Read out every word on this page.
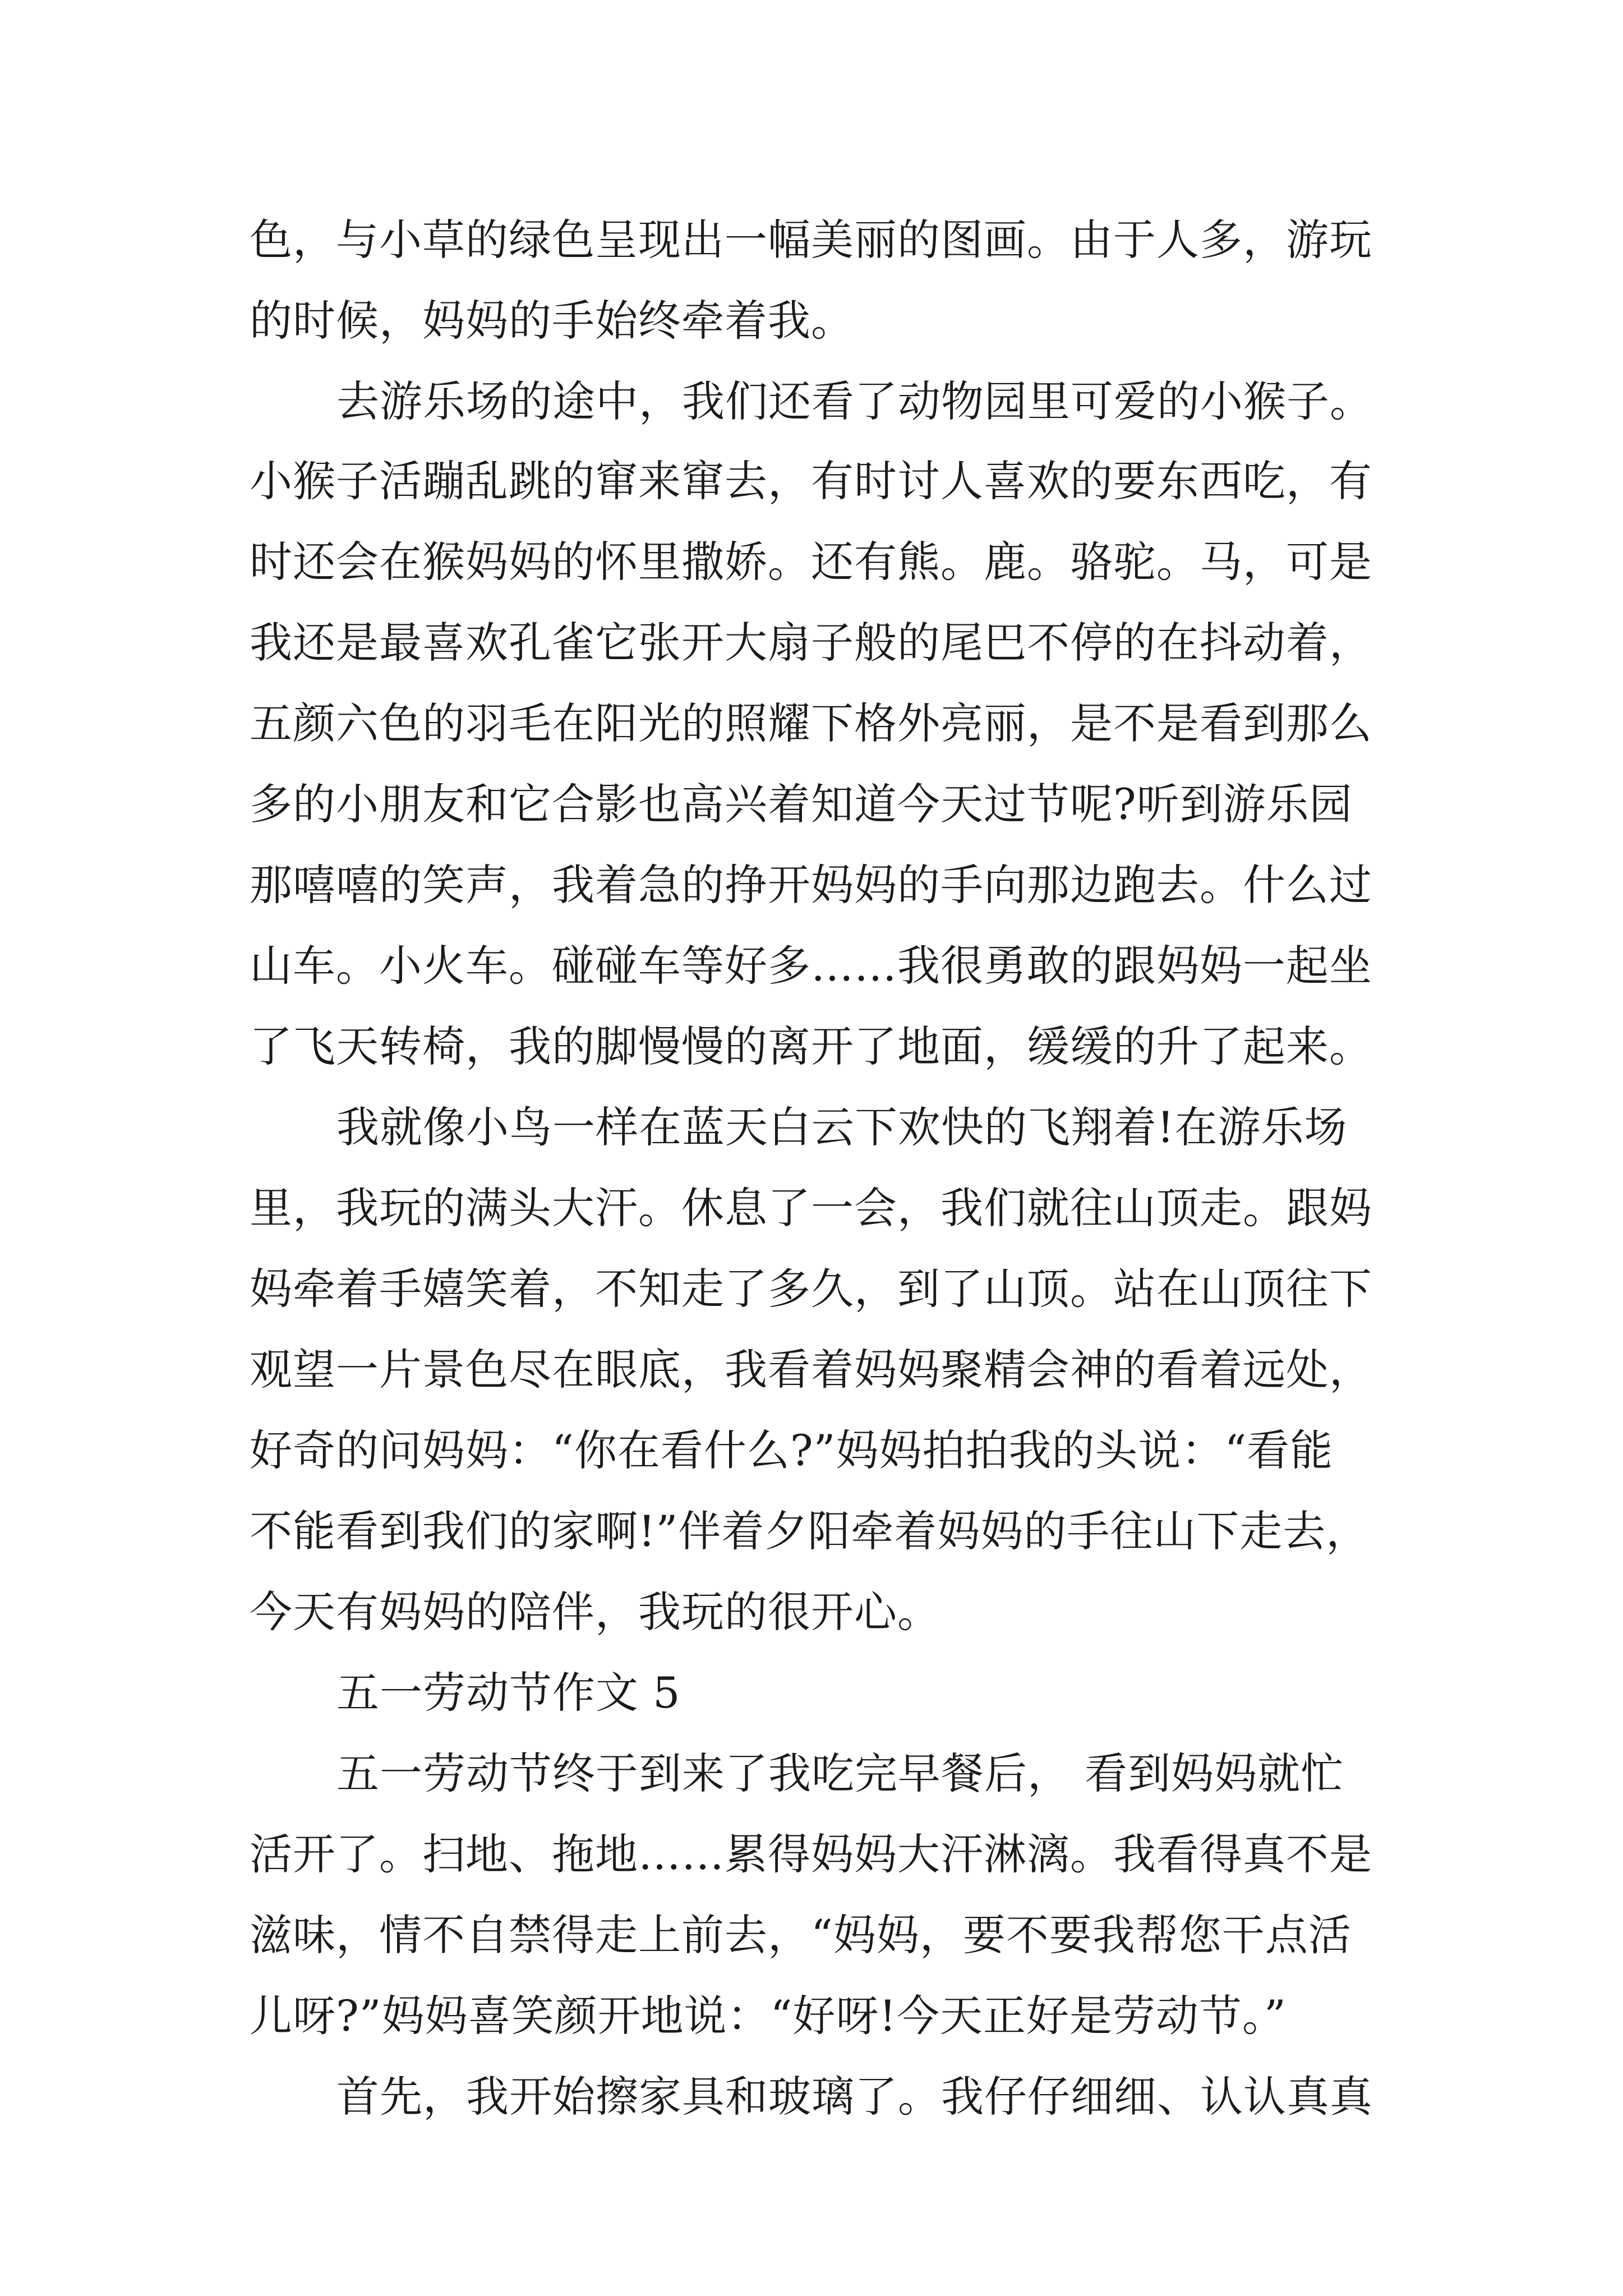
色，与小草的绿色呈现出一幅美丽的图画。由于人多，游玩
的时候，妈妈的手始终牵着我。
去游乐场的途中，我们还看了动物园里可爱的小猴子。
小猴子活蹦乱跳的窜来窜去，有时讨人喜欢的要东西吃，有
时还会在猴妈妈的怀里撒娇。还有熊。鹿。骆驼。马，可是
我还是最喜欢孔雀它张开大扇子般的尾巴不停的在抖动着，
五颜六色的羽毛在阳光的照耀下格外亮丽，是不是看到那么
多的小朋友和它合影也高兴着知道今天过节呢?听到游乐园
那嘻嘻的笑声，我着急的挣开妈妈的手向那边跑去。什么过
山车。小火车。碰碰车等好多……我很勇敢的跟妈妈一起坐
了飞天转椅，我的脚慢慢的离开了地面，缓缓的升了起来。
我就像小鸟一样在蓝天白云下欢快的飞翔着!在游乐场
里，我玩的满头大汗。休息了一会，我们就往山顶走。跟妈
妈牵着手嬉笑着，不知走了多久，到了山顶。站在山顶往下
观望一片景色尽在眼底，我看着妈妈聚精会神的看着远处，
好奇的问妈妈：“你在看什么?”妈妈拍拍我的头说：“看能
不能看到我们的家啊!”伴着夕阳牵着妈妈的手往山下走去，
今天有妈妈的陪伴，我玩的很开心。
五一劳动节作文 5
五一劳动节终于到来了我吃完早餐后， 看到妈妈就忙
活开了。扫地、拖地……累得妈妈大汗淋漓。我看得真不是
滋味，情不自禁得走上前去，“妈妈，要不要我帮您干点活
儿呀?”妈妈喜笑颜开地说：“好呀!今天正好是劳动节。”
首先，我开始擦家具和玻璃了。我仔仔细细、认认真真
